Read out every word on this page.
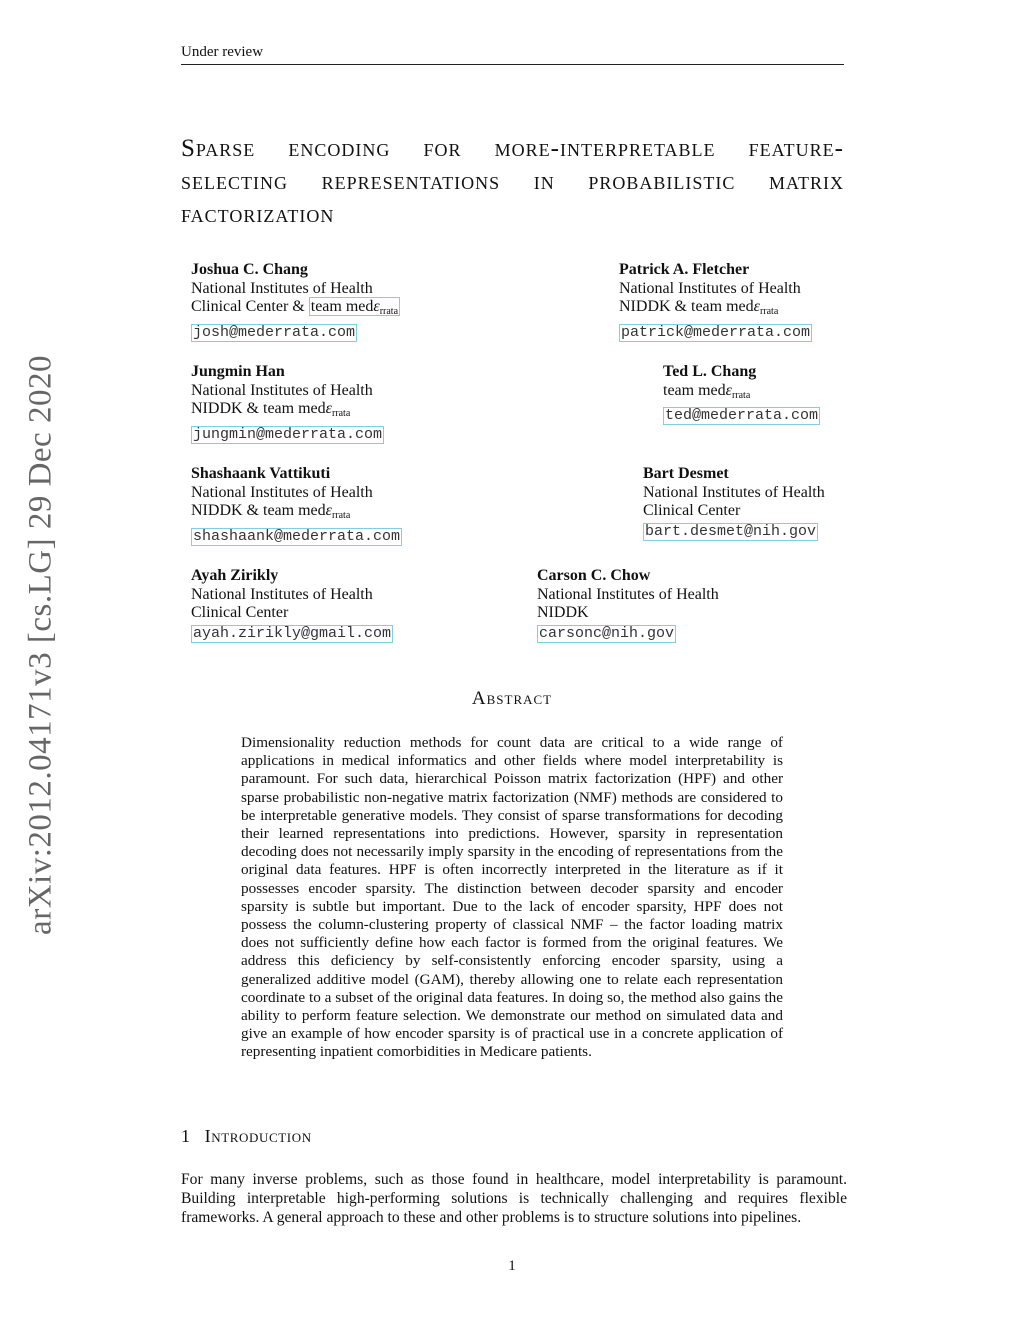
Under review
Sparse encoding for more-interpretable feature-selecting representations in probabilistic matrix factorization
arXiv:2012.04171v3 [cs.LG] 29 Dec 2020
Joshua C. Chang
National Institutes of Health
Clinical Center & team medε$_{rrata}$
josh@mederrata.com
Patrick A. Fletcher
National Institutes of Health
NIDDK & team medε$_{rrata}$
patrick@mederrata.com
Jungmin Han
National Institutes of Health
NIDDK & team medε$_{rrata}$
jungmin@mederrata.com
Ted L. Chang
team medε$_{rrata}$
ted@mederrata.com
Shashaank Vattikuti
National Institutes of Health
NIDDK & team medε$_{rrata}$
shashaank@mederrata.com
Bart Desmet
National Institutes of Health
Clinical Center
bart.desmet@nih.gov
Ayah Zirikly
National Institutes of Health
Clinical Center
ayah.zirikly@gmail.com
Carson C. Chow
National Institutes of Health
NIDDK
carsonc@nih.gov
Abstract
Dimensionality reduction methods for count data are critical to a wide range of applications in medical informatics and other fields where model interpretability is paramount. For such data, hierarchical Poisson matrix factorization (HPF) and other sparse probabilistic non-negative matrix factorization (NMF) methods are considered to be interpretable generative models. They consist of sparse transformations for decoding their learned representations into predictions. However, sparsity in representation decoding does not necessarily imply sparsity in the encoding of representations from the original data features. HPF is often incorrectly interpreted in the literature as if it possesses encoder sparsity. The distinction between decoder sparsity and encoder sparsity is subtle but important. Due to the lack of encoder sparsity, HPF does not possess the column-clustering property of classical NMF – the factor loading matrix does not sufficiently define how each factor is formed from the original features. We address this deficiency by self-consistently enforcing encoder sparsity, using a generalized additive model (GAM), thereby allowing one to relate each representation coordinate to a subset of the original data features. In doing so, the method also gains the ability to perform feature selection. We demonstrate our method on simulated data and give an example of how encoder sparsity is of practical use in a concrete application of representing inpatient comorbidities in Medicare patients.
1 Introduction
For many inverse problems, such as those found in healthcare, model interpretability is paramount. Building interpretable high-performing solutions is technically challenging and requires flexible frameworks. A general approach to these and other problems is to structure solutions into pipelines.
1
